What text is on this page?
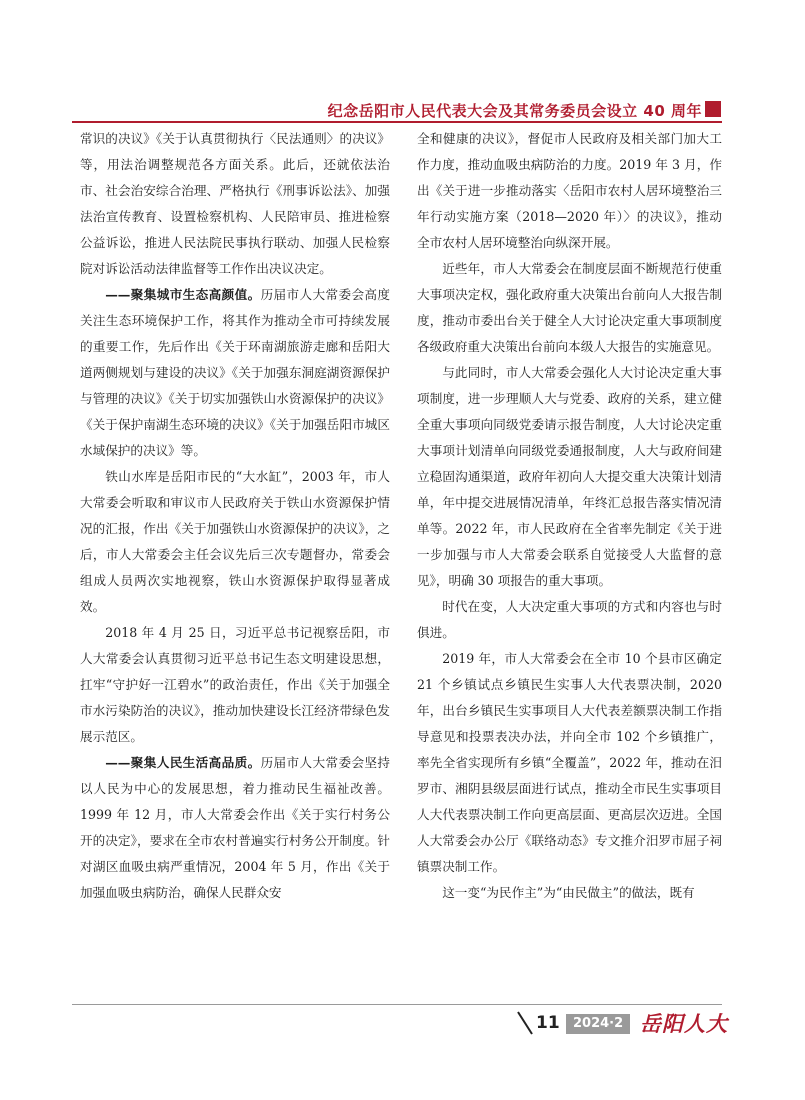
纪念岳阳市人民代表大会及其常务委员会设立 40 周年

常识的决议》《关于认真贯彻执行〈民法通则〉的决议》等，用法治调整规范各方面关系。此后，还就依法治市、社会治安综合治理、严格执行《刑事诉讼法》、加强法治宣传教育、设置检察机构、人民陪审员、推进检察公益诉讼，推进人民法院民事执行联动、加强人民检察院对诉讼活动法律监督等工作作出决议决定。

——聚集城市生态高颜值。历届市人大常委会高度关注生态环境保护工作，将其作为推动全市可持续发展的重要工作，先后作出《关于环南湖旅游走廊和岳阳大道两侧规划与建设的决议》《关于加强东洞庭湖资源保护与管理的决议》《关于切实加强铁山水资源保护的决议》《关于保护南湖生态环境的决议》《关于加强岳阳市城区水域保护的决议》等。

铁山水库是岳阳市民的“大水缸”，2003 年，市人大常委会听取和审议市人民政府关于铁山水资源保护情况的汇报，作出《关于加强铁山水资源保护的决议》，之后，市人大常委会主任会议先后三次专题督办，常委会组成人员两次实地视察，铁山水资源保护取得显著成效。

2018 年 4 月 25 日，习近平总书记视察岳阳，市人大常委会认真贯彻习近平总书记生态文明建设思想，扛牢“守护好一江碧水”的政治责任，作出《关于加强全市水污染防治的决议》，推动加快建设长江经济带绿色发展示范区。

——聚集人民生活高品质。历届市人大常委会坚持以人民为中心的发展思想，着力推动民生福祉改善。1999 年 12 月，市人大常委会作出《关于实行村务公开的决定》，要求在全市农村普遍实行村务公开制度。针对湖区血吸虫病严重情况，2004 年 5 月，作出《关于加强血吸虫病防治，确保人民群众安

全和健康的决议》，督促市人民政府及相关部门加大工作力度，推动血吸虫病防治的力度。2019 年 3 月，作出《关于进一步推动落实〈岳阳市农村人居环境整治三年行动实施方案（2018—2020 年）〉的决议》，推动全市农村人居环境整治向纵深开展。

近些年，市人大常委会在制度层面不断规范行使重大事项决定权，强化政府重大决策出台前向人大报告制度，推动市委出台关于健全人大讨论决定重大事项制度各级政府重大决策出台前向本级人大报告的实施意见。

与此同时，市人大常委会强化人大讨论决定重大事项制度，进一步理顺人大与党委、政府的关系，建立健全重大事项向同级党委请示报告制度，人大讨论决定重大事项计划清单向同级党委通报制度，人大与政府间建立稳固沟通渠道，政府年初向人大提交重大决策计划清单，年中提交进展情况清单，年终汇总报告落实情况清单等。2022 年，市人民政府在全省率先制定《关于进一步加强与市人大常委会联系自觉接受人大监督的意见》，明确 30 项报告的重大事项。

时代在变，人大决定重大事项的方式和内容也与时俱进。

2019 年，市人大常委会在全市 10 个县市区确定 21 个乡镇试点乡镇民生实事人大代表票决制，2020 年，出台乡镇民生实事项目人大代表差额票决制工作指导意见和投票表决办法，并向全市 102 个乡镇推广，率先全省实现所有乡镇“全覆盖”，2022 年，推动在汨罗市、湘阴县级层面进行试点，推动全市民生实事项目人大代表票决制工作向更高层面、更高层次迈进。全国人大常委会办公厅《联络动态》专文推介汨罗市屈子祠镇票决制工作。

这一变“为民作主”为“由民做主”的做法，既有

11	2024·2 岳阳人大
